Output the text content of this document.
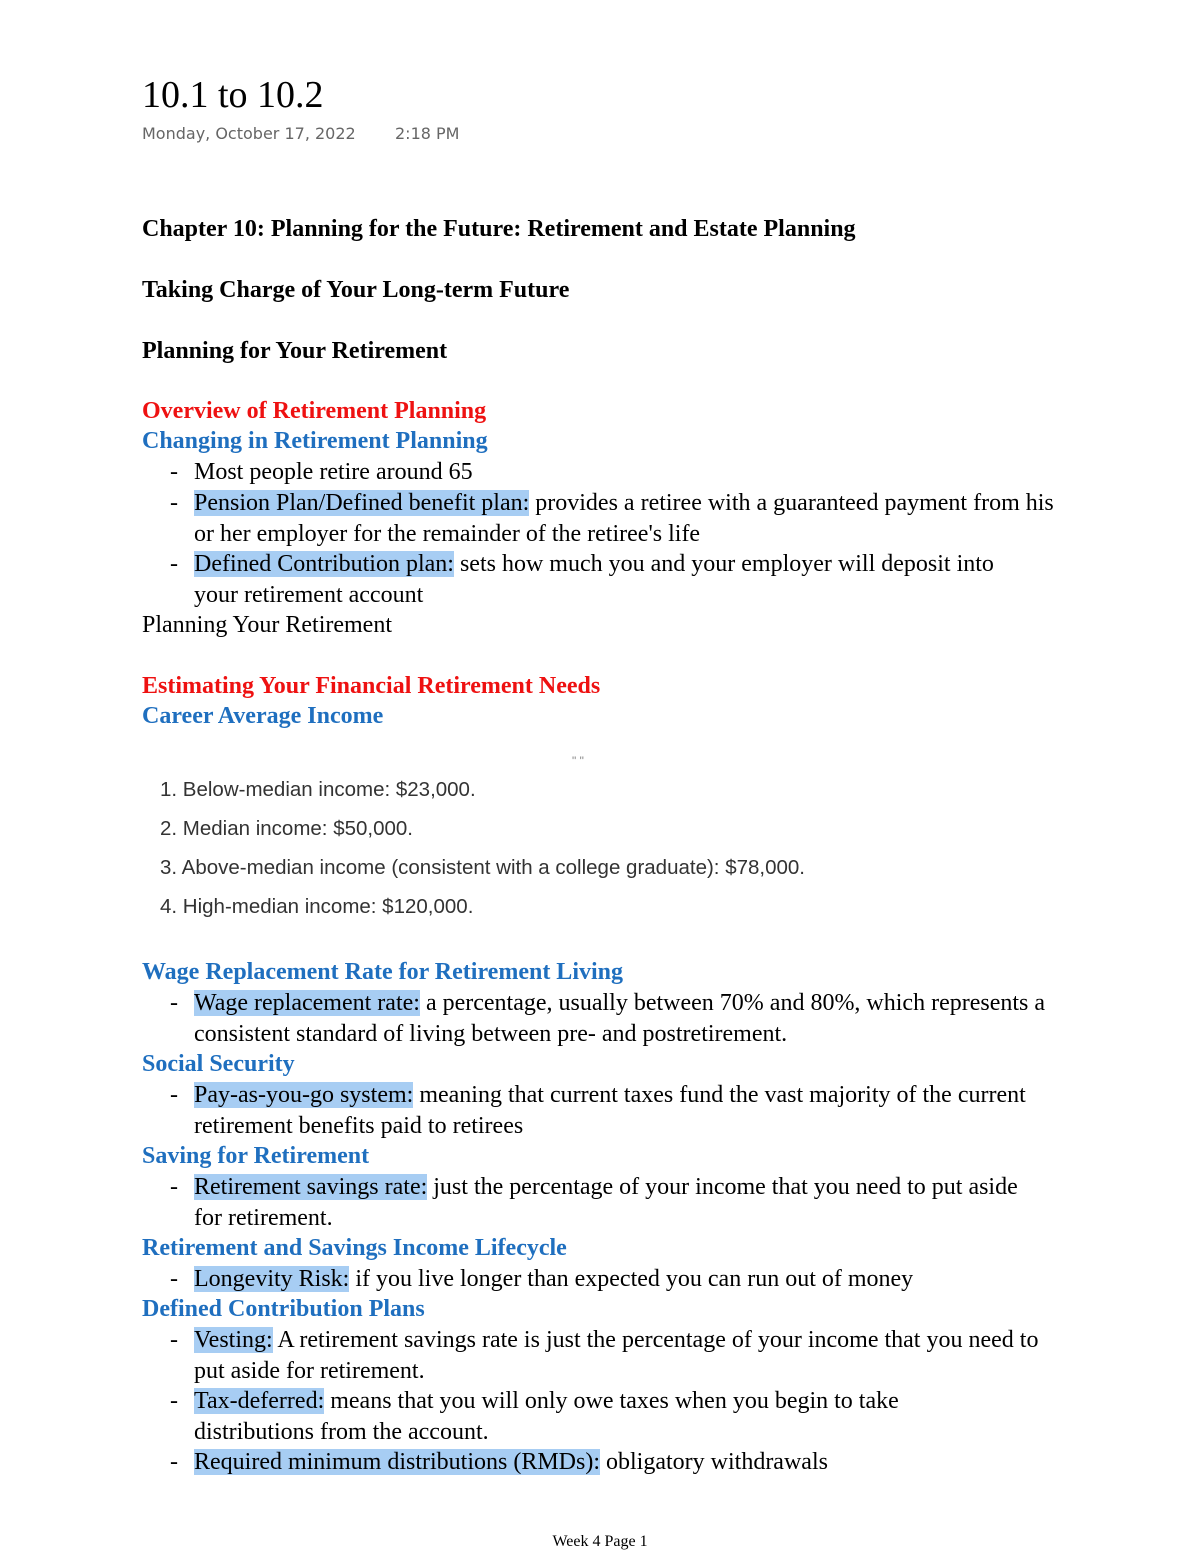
10.1 to 10.2
Monday, October 17, 2022 2:18 PM
Chapter 10: Planning for the Future: Retirement and Estate Planning
Taking Charge of Your Long-term Future
Planning for Your Retirement
Overview of Retirement Planning
Changing in Retirement Planning
- Most people retire around 65
- Pension Plan/Defined benefit plan: provides a retiree with a guaranteed payment from his or her employer for the remainder of the retiree's life
- Defined Contribution plan: sets how much you and your employer will deposit into your retirement account
Planning Your Retirement
Estimating Your Financial Retirement Needs
Career Average Income
" "
1. Below-median income: $23,000.
2. Median income: $50,000.
3. Above-median income (consistent with a college graduate): $78,000.
4. High-median income: $120,000.
Wage Replacement Rate for Retirement Living
- Wage replacement rate: a percentage, usually between 70% and 80%, which represents a consistent standard of living between pre- and postretirement.
Social Security
- Pay-as-you-go system: meaning that current taxes fund the vast majority of the current retirement benefits paid to retirees
Saving for Retirement
- Retirement savings rate: just the percentage of your income that you need to put aside for retirement.
Retirement and Savings Income Lifecycle
- Longevity Risk: if you live longer than expected you can run out of money
Defined Contribution Plans
- Vesting: A retirement savings rate is just the percentage of your income that you need to put aside for retirement.
- Tax-deferred: means that you will only owe taxes when you begin to take distributions from the account.
- Required minimum distributions (RMDs): obligatory withdrawals
Week 4 Page 1
